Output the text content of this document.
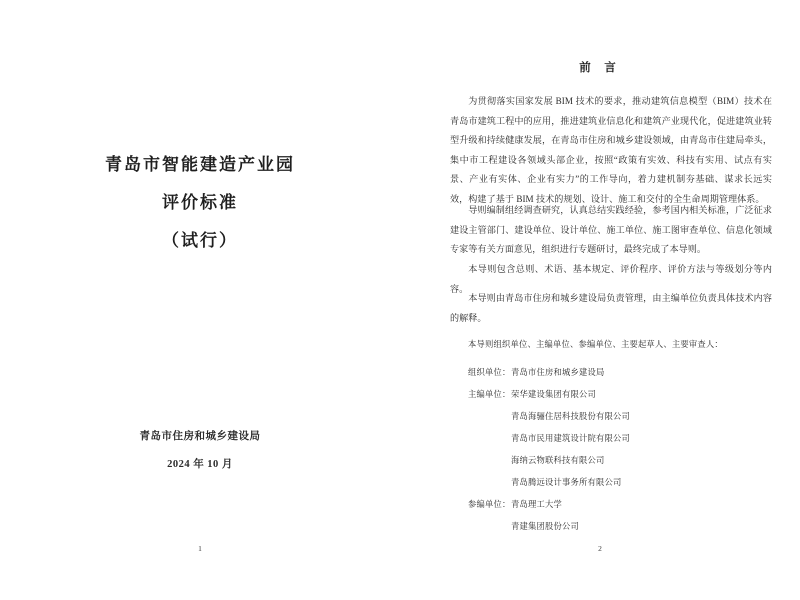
青岛市智能建造产业园
评价标准
（试行）
青岛市住房和城乡建设局
2024 年 10 月
1
前　言

为贯彻落实国家发展 BIM 技术的要求，推动建筑信息模型（BIM）技术在青岛市建筑工程中的应用，推进建筑业信息化和建筑产业现代化，促进建筑业转型升级和持续健康发展，在青岛市住房和城乡建设领域，由青岛市住建局牵头，集中市工程建设各领域头部企业，按照“政策有实效、科技有实用、试点有实景、产业有实体、企业有实力”的工作导向，着力建机制夯基础、谋求长远实效，构建了基于 BIM 技术的规划、设计、施工和交付的全生命周期管理体系。

导则编制组经调查研究，认真总结实践经验，参考国内相关标准，广泛征求建设主管部门、建设单位、设计单位、施工单位、施工图审查单位、信息化领域专家等有关方面意见，组织进行专题研讨，最终完成了本导则。

本导则包含总则、术语、基本规定、评价程序、评价方法与等级划分等内容。

本导则由青岛市住房和城乡建设局负责管理，由主编单位负责具体技术内容的解释。

本导则组织单位、主编单位、参编单位、主要起草人、主要审查人：

组织单位： 青岛市住房和城乡建设局
主编单位： 荣华建设集团有限公司
青岛海骊住居科技股份有限公司
青岛市民用建筑设计院有限公司
海纳云物联科技有限公司
青岛腾远设计事务所有限公司
参编单位： 青岛理工大学
青建集团股份公司
2
